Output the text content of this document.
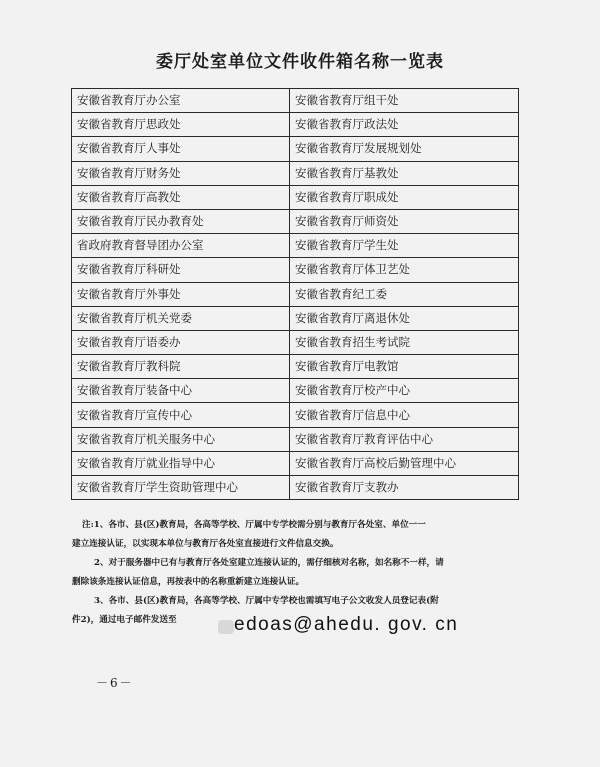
委厅处室单位文件收件箱名称一览表
安徽省教育厅办公室	安徽省教育厅组干处
安徽省教育厅思政处	安徽省教育厅政法处
安徽省教育厅人事处	安徽省教育厅发展规划处
安徽省教育厅财务处	安徽省教育厅基教处
安徽省教育厅高教处	安徽省教育厅职成处
安徽省教育厅民办教育处	安徽省教育厅师资处
省政府教育督导团办公室	安徽省教育厅学生处
安徽省教育厅科研处	安徽省教育厅体卫艺处
安徽省教育厅外事处	安徽省教育纪工委
安徽省教育厅机关党委	安徽省教育厅离退休处
安徽省教育厅语委办	安徽省教育招生考试院
安徽省教育厅教科院	安徽省教育厅电教馆
安徽省教育厅装备中心	安徽省教育厅校产中心
安徽省教育厅宣传中心	安徽省教育厅信息中心
安徽省教育厅机关服务中心	安徽省教育厅教育评估中心
安徽省教育厅就业指导中心	安徽省教育厅高校后勤管理中心
安徽省教育厅学生资助管理中心	安徽省教育厅支教办

注:1、各市、县(区)教育局，各高等学校、厅属中专学校需分别与教育厅各处室、单位一一

建立连接认证，以实现本单位与教育厅各处室直接进行文件信息交换。

2、对于服务器中已有与教育厅各处室建立连接认证的，需仔细核对名称，如名称不一样，请

删除该条连接认证信息，再按表中的名称重新建立连接认证。

3、各市、县(区)教育局，各高等学校、厅属中专学校也需填写电子公文收发人员登记表(附

件2)，通过电子邮件发送至	edoas@ahedu. gov. cn
－6－
